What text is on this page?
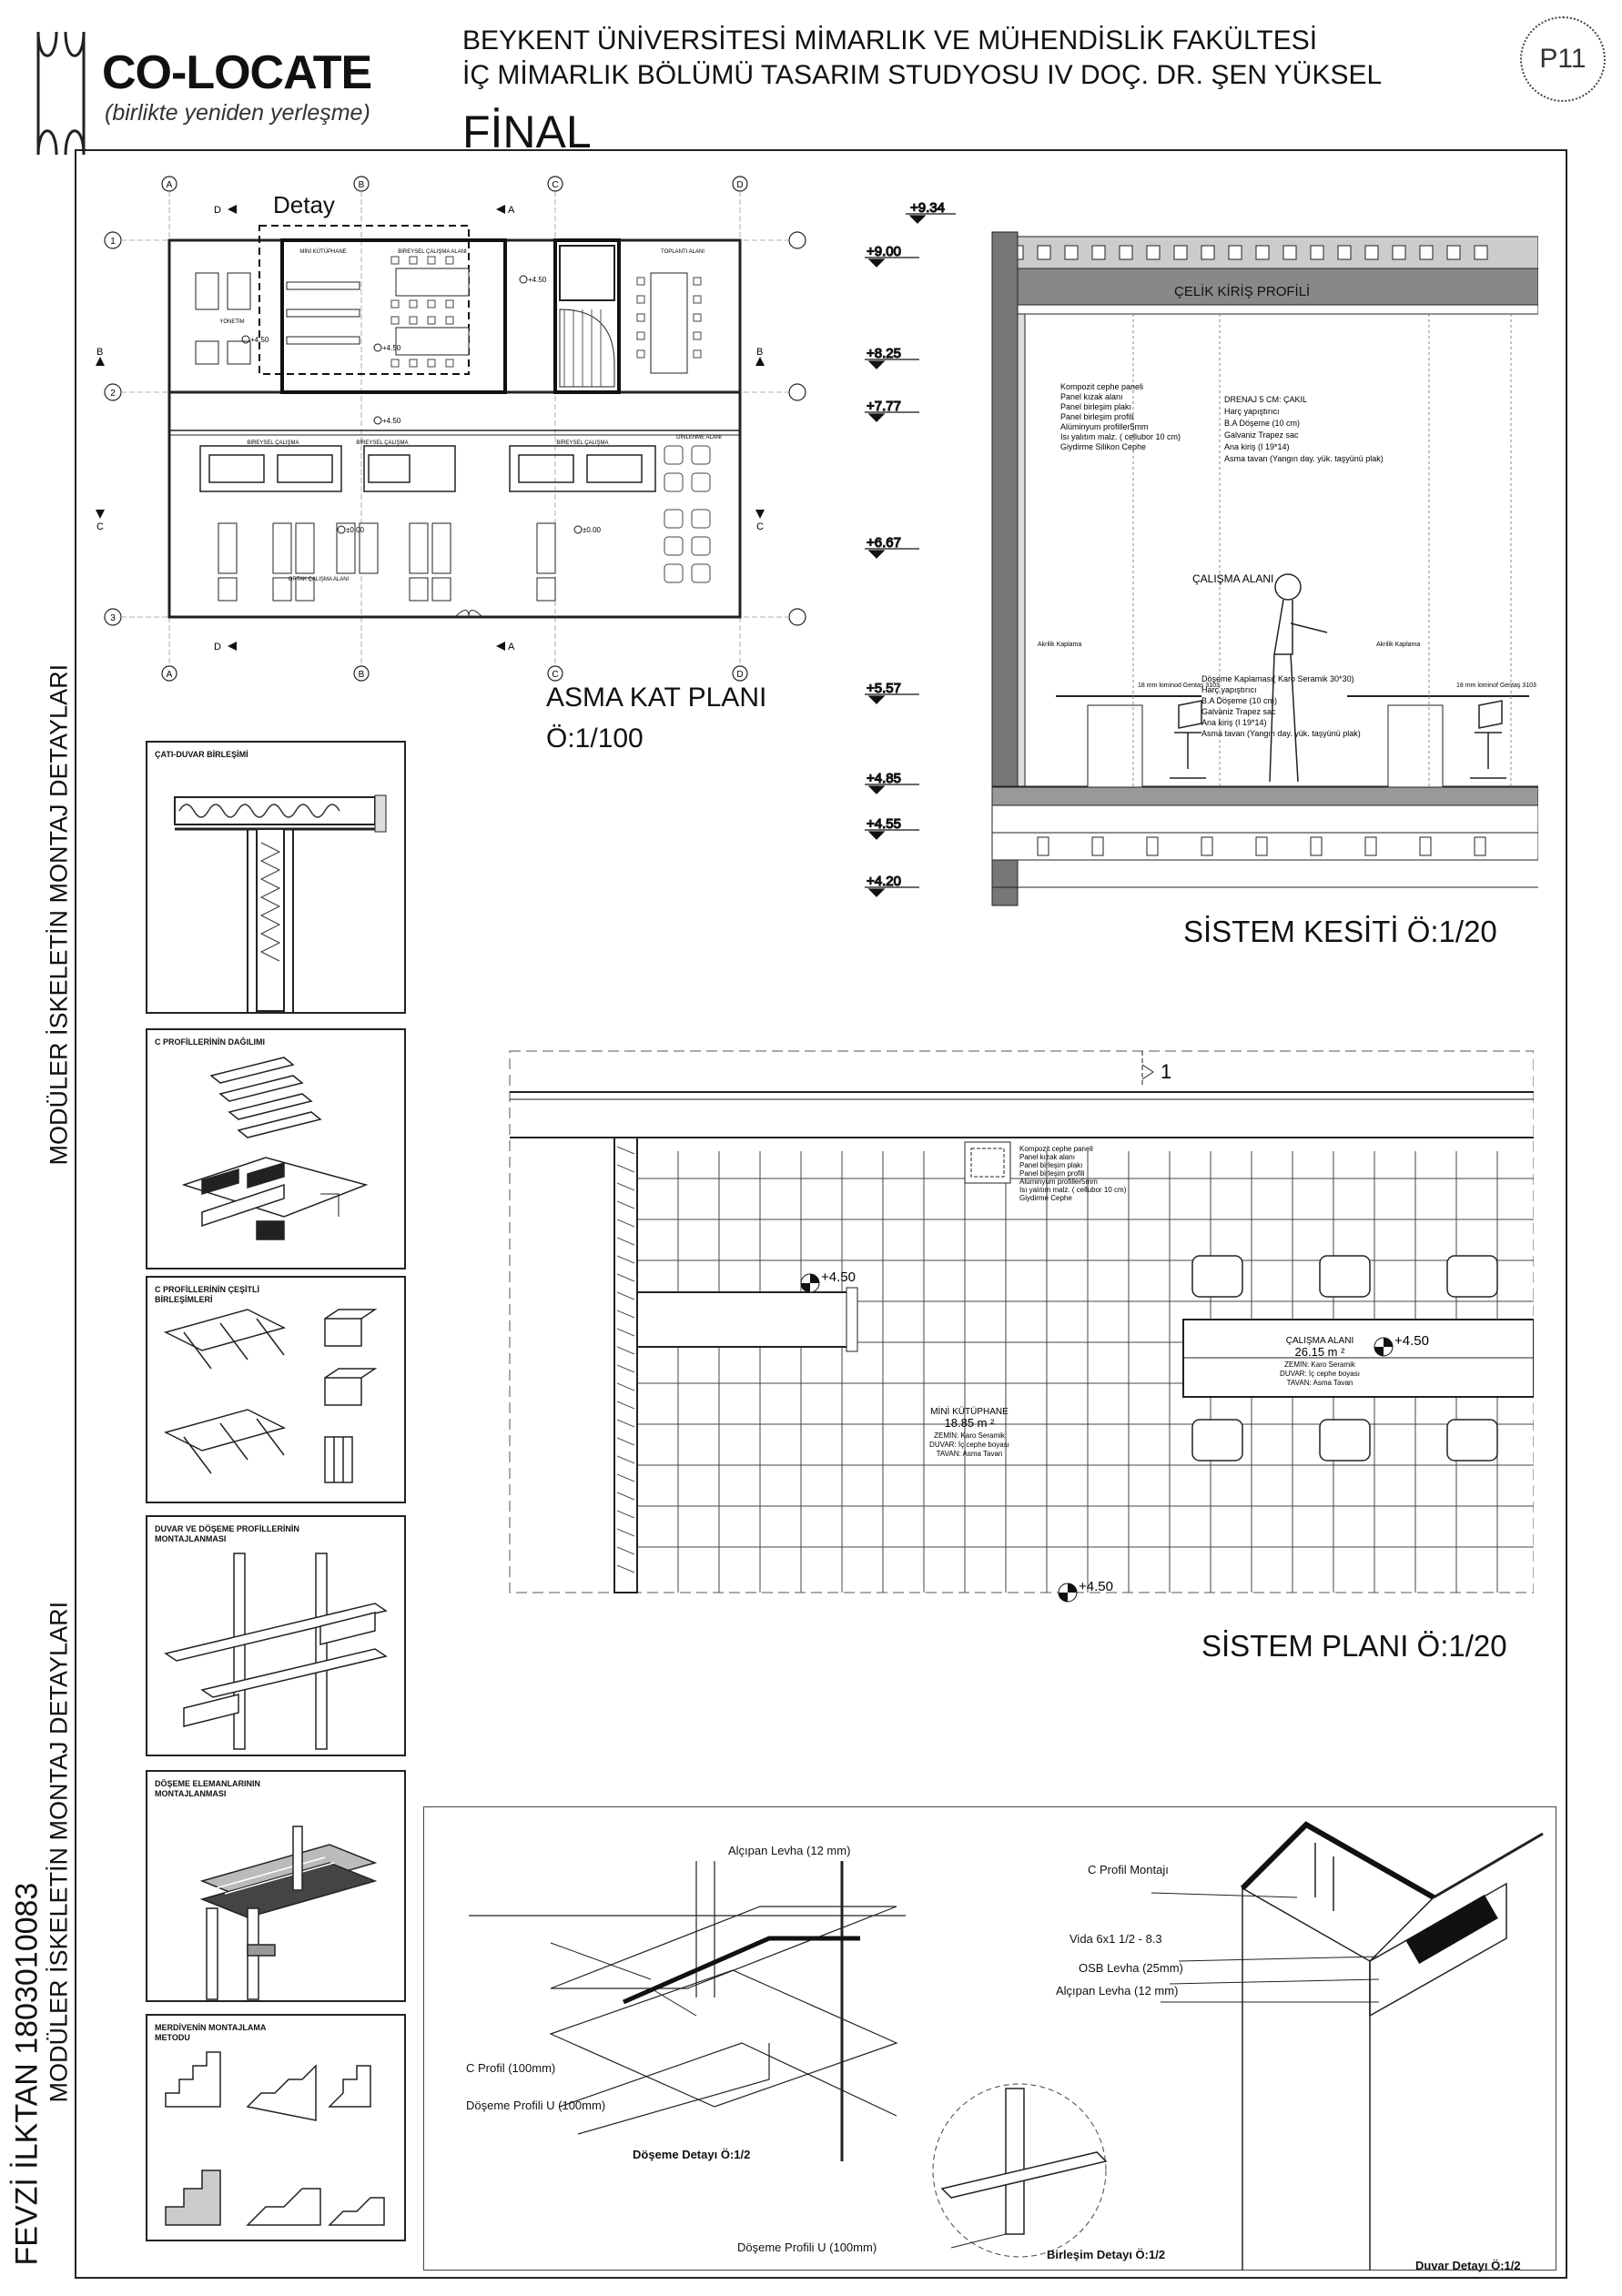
CO-LOCATE
(birlikte yeniden yerleşme)
BEYKENT ÜNİVERSİTESİ MİMARLIK VE MÜHENDİSLİK FAKÜLTESİ
İÇ MİMARLIK BÖLÜMÜ TASARIM STUDYOSU IV DOÇ. DR. ŞEN YÜKSEL
FİNAL
P11
FEVZİ İLKTAN 1803010083
MODÜLER İSKELETİN MONTAJ DETAYLARI
MODÜLER İSKELETİN MONTAJ DETAYLARI
ÇATI-DUVAR BİRLEŞİMİ
C PROFİLLERİNİN DAĞILIMI
C PROFİLLERİNİN ÇEŞİTLİ BİRLEŞİMLERİ
DUVAR VE DÖŞEME PROFİLLERİNİN MONTAJLANMASI
DÖŞEME ELEMANLARININ MONTAJLANMASI
MERDİVENİN MONTAJLAMA METODU
A	B	C	D
A	B	C	D
1
2
3
D	A
D	A
B	B
C	C
MİNİ KÜTÜPHANE	BİREYSEL ÇALIŞMA ALANI	TOPLANTI ALANI
YÖNETİM
BİREYSEL ÇALIŞMA	BİREYSEL ÇALIŞMA	BİREYSEL ÇALIŞMA
DİNLENME ALANI
ORTAK ÇALIŞMA ALANI
+4.50
+4.50
+4.50
+4.50
±0.00	±0.00
Detay
ASMA KAT PLANI
Ö:1/100
+9.34
+9.00
+8.25
+7.77
+6.67
+5.57
+4.85
+4.55
+4.20
ÇELİK KİRİŞ PROFİLİ
ÇALIŞMA ALANI
Kompozit cephe paneli
Panel kızak alanı
Panel birleşim plakı
Panel birleşim profili
Alüminyum profiller5mm
Isı yalıtım malz. ( cellubor 10 cm)
Giydirme Silikon Cephe
DRENAJ 5 CM: ÇAKIL
Harç yapıştırıcı
B.A Döşeme (10 cm)
Galvaniz Trapez sac
Ana kiriş (I 19*14)
Asma tavan (Yangın day. yük. taşyünü plak)
Döşeme Kaplaması( Karo Seramik 30*30)
Harç yapıştırıcı
B.A Döşeme (10 cm)
Galvaniz Trapez sac
Ana kiriş (I 19*14)
Asma tavan (Yangın day. yük. taşyünü plak)
Akrilik Kaplama
18 mm lominod Gentaş 3103
Akrilik Kaplama
18 mm lominof Gentaş 3103
SİSTEM KESİTİ Ö:1/20
1
+4.50
+4.50
+4.50
MİNİ KÜTÜPHANE
18.85 m ²
ZEMİN: Karo Seramik
DUVAR: İç cephe boyası
TAVAN: Asma Tavan
ÇALIŞMA ALANI
26.15 m ²
ZEMİN: Karo Seramik
DUVAR: İç cephe boyası
TAVAN: Asma Tavan
Kompozit cephe paneli
Panel kızak alanı
Panel birleşim plakı
Panel birleşim profili
Alüminyum profiller5mm
Isı yalıtım malz. ( cellubor 10 cm)
Giydirme Cephe
SİSTEM PLANI Ö:1/20
Alçıpan Levha (12 mm)
C Profil (100mm)
Döşeme Profili U (100mm)
Döşeme Detayı Ö:1/2
Döşeme Profili U (100mm)
Birleşim Detayı Ö:1/2
C Profil Montajı
Vida 6x1 1/2 - 8.3
OSB Levha (25mm)
Alçıpan Levha (12 mm)
Duvar Detayı Ö:1/2
